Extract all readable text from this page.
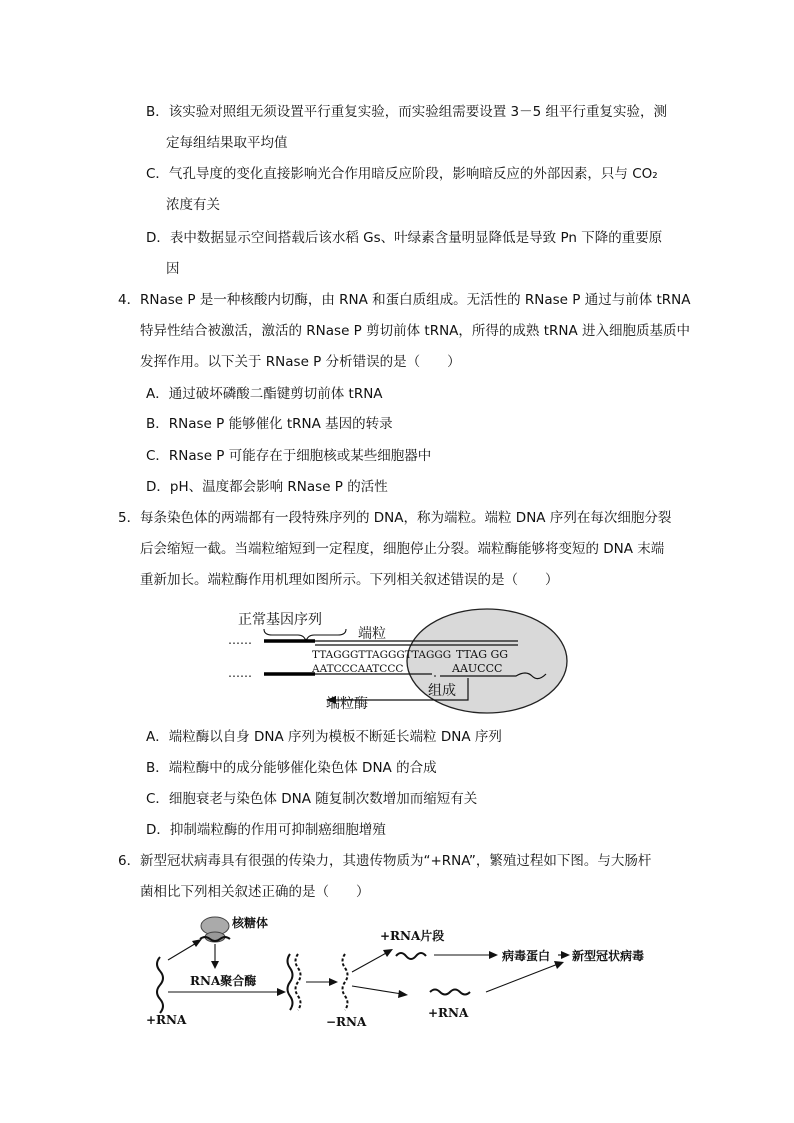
B．该实验对照组无须设置平行重复实验，而实验组需要设置 3－5 组平行重复实验，测
定每组结果取平均值
C．气孔导度的变化直接影响光合作用暗反应阶段，影响暗反应的外部因素，只与 CO₂
浓度有关
D．表中数据显示空间搭载后该水稻 Gs、叶绿素含量明显降低是导致 Pn 下降的重要原
因
4． RNase P 是一种核酸内切酶，由 RNA 和蛋白质组成。无活性的 RNase P 通过与前体 tRNA
特异性结合被激活，激活的 RNase P 剪切前体 tRNA，所得的成熟 tRNA 进入细胞质基质中
发挥作用。以下关于 RNase P 分析错误的是（　　）
A．通过破坏磷酸二酯键剪切前体 tRNA
B．RNase P 能够催化 tRNA 基因的转录
C．RNase P 可能存在于细胞核或某些细胞器中
D．pH、温度都会影响 RNase P 的活性
5． 每条染色体的两端都有一段特殊序列的 DNA，称为端粒。端粒 DNA 序列在每次细胞分裂
后会缩短一截。当端粒缩短到一定程度，细胞停止分裂。端粒酶能够将变短的 DNA 末端
重新加长。端粒酶作用机理如图所示。下列相关叙述错误的是（　　）
正常基因序列
端粒
……
TTAGGGTTAGGGTTAGGG TTAG GG
AATCCCAATCCC
……	AAUCCC
组成
端粒酶
A．端粒酶以自身 DNA 序列为模板不断延长端粒 DNA 序列
B．端粒酶中的成分能够催化染色体 DNA 的合成
C．细胞衰老与染色体 DNA 随复制次数增加而缩短有关
D．抑制端粒酶的作用可抑制癌细胞增殖
6． 新型冠状病毒具有很强的传染力，其遗传物质为“+RNA”，繁殖过程如下图。与大肠杆
菌相比下列相关叙述正确的是（　　）
核糖体
+RNA
RNA聚合酶
−RNA
+RNA片段
病毒蛋白 新型冠状病毒
+RNA
